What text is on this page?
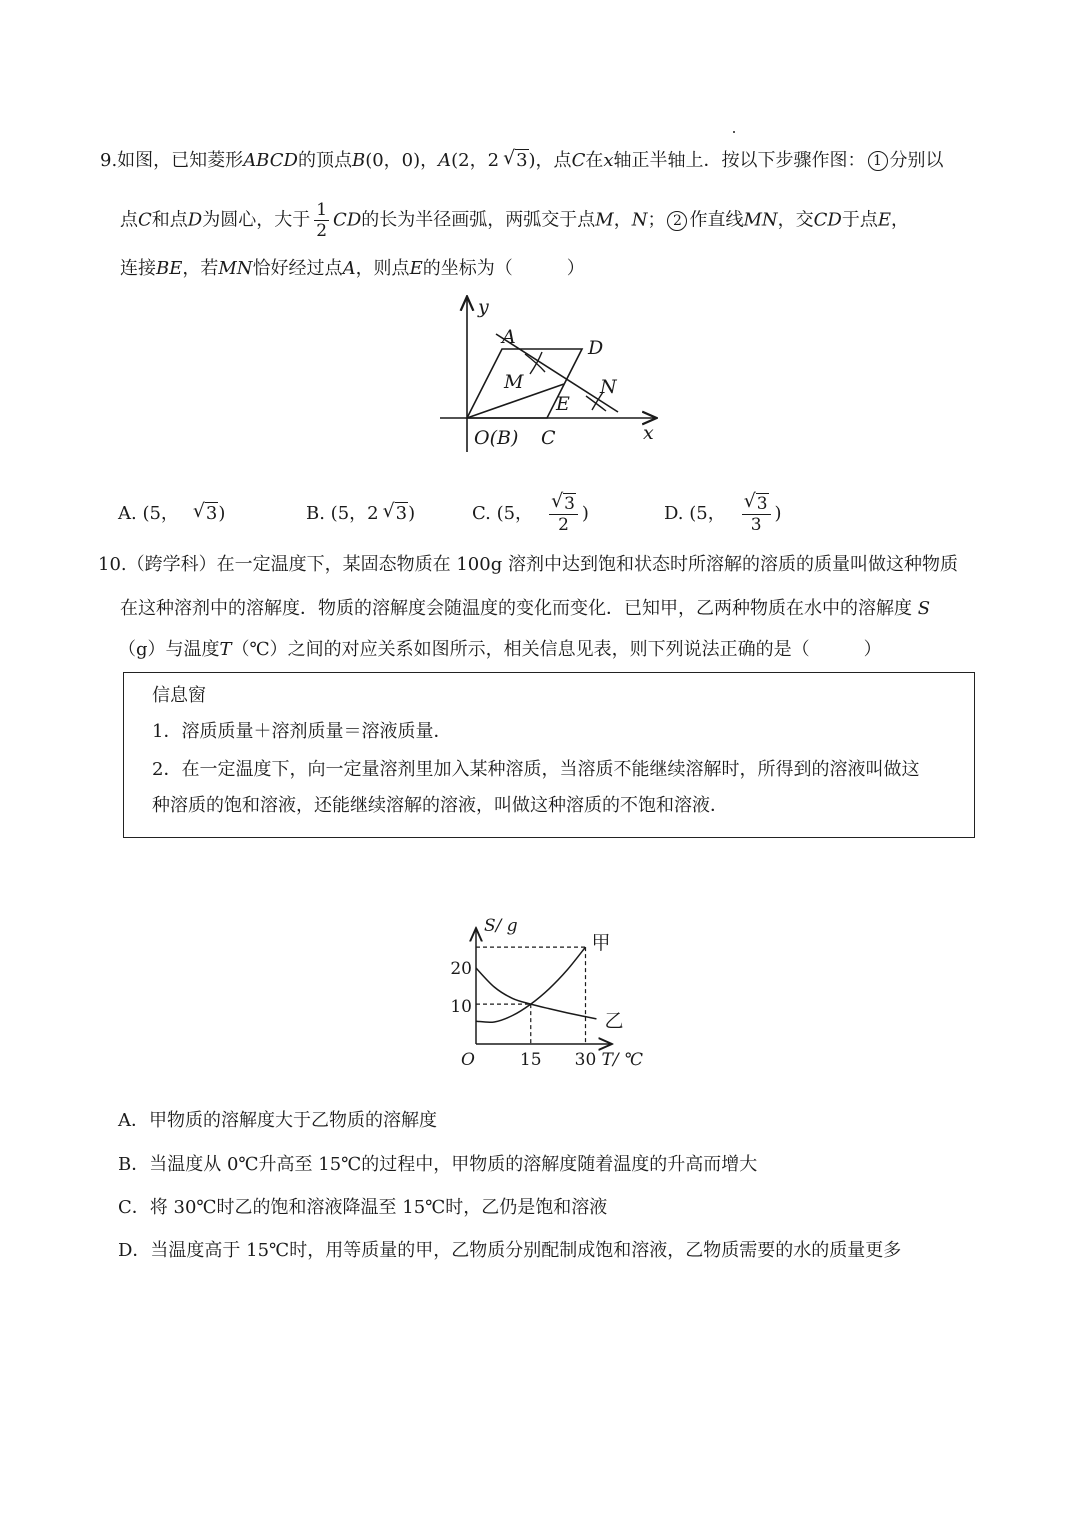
9.如图，已知菱形ABCD的顶点B(0，0)，A(2，2 √ 3)，点C在x轴正半轴上．按以下步骤作图： 1 分别以
点C和点D为圆心，大于 $\frac{1}{2}$ CD的长为半径画弧，两弧交于点M，N； 2 作直线MN，交CD于点E，
连接BE，若MN恰好经过点A，则点E的坐标为（　　　）
y
A	D
M	N
E
O(B) C	x
A. (5， √ 3)	B. (5，2 √ 3)	C. (5， $\frac{√ 3}{2}$ )	D. (5， $\frac{√ 3}{3}$ )
10.（跨学科）在一定温度下，某固态物质在 100g 溶剂中达到饱和状态时所溶解的溶质的质量叫做这种物质
在这种溶剂中的溶解度．物质的溶解度会随温度的变化而变化．已知甲，乙两种物质在水中的溶解度 S
（g）与温度T（℃）之间的对应关系如图所示，相关信息见表，则下列说法正确的是（　　　）
信息窗
1．溶质质量＋溶剂质量＝溶液质量．
2．在一定温度下，向一定量溶剂里加入某种溶质，当溶质不能继续溶解时，所得到的溶液叫做这
种溶质的饱和溶液，还能继续溶解的溶液，叫做这种溶质的不饱和溶液．
甲
乙
15 30
10
20
O
S/ g
T/ ℃
A．甲物质的溶解度大于乙物质的溶解度
B．当温度从 0℃升高至 15℃的过程中，甲物质的溶解度随着温度的升高而增大
C．将 30℃时乙的饱和溶液降温至 15℃时，乙仍是饱和溶液
D．当温度高于 15℃时，用等质量的甲，乙物质分别配制成饱和溶液，乙物质需要的水的质量更多
